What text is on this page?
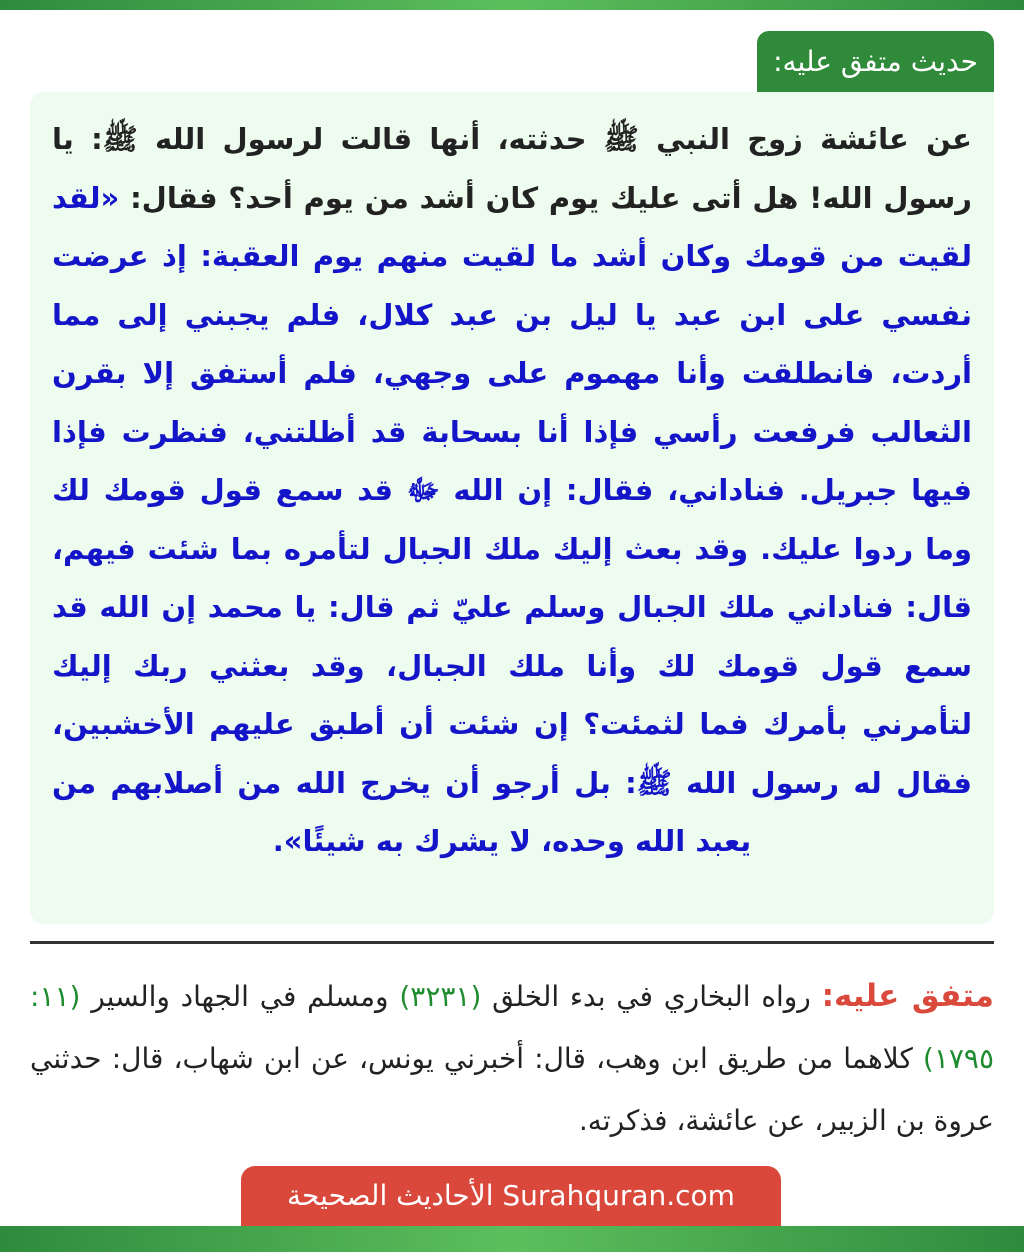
حديث متفق عليه:

عن عائشة زوج النبي ﷺ حدثته، أنها قالت لرسول الله ﷺ: يا رسول الله! هل أتى عليك يوم كان أشد من يوم أحد؟ فقال: «لقد لقيت من قومك وكان أشد ما لقيت منهم يوم العقبة: إذ عرضت نفسي على ابن عبد يا ليل بن عبد كلال، فلم يجبني إلى مما أردت، فانطلقت وأنا مهموم على وجهي، فلم أستفق إلا بقرن الثعالب فرفعت رأسي فإذا أنا بسحابة قد أظلتني، فنظرت فإذا فيها جبريل. فناداني، فقال: إن الله ﷻ قد سمع قول قومك لك وما ردوا عليك. وقد بعث إليك ملك الجبال لتأمره بما شئت فيهم، قال: فناداني ملك الجبال وسلم عليّ ثم قال: يا محمد إن الله قد سمع قول قومك لك وأنا ملك الجبال، وقد بعثني ربك إليك لتأمرني بأمرك فما لثمئت؟ إن شئت أن أطبق عليهم الأخشبين، فقال له رسول الله ﷺ: بل أرجو أن يخرج الله من أصلابهم من يعبد الله وحده، لا يشرك به شيئًا».

متفق عليه: رواه البخاري في بدء الخلق (٣٢٣١) ومسلم في الجهاد والسير (١١: ١٧٩٥) كلاهما من طريق ابن وهب، قال: أخبرني يونس، عن ابن شهاب، قال: حدثني عروة بن الزبير، عن عائشة، فذكرته.

الأحاديث الصحيحة Surahquran.com
